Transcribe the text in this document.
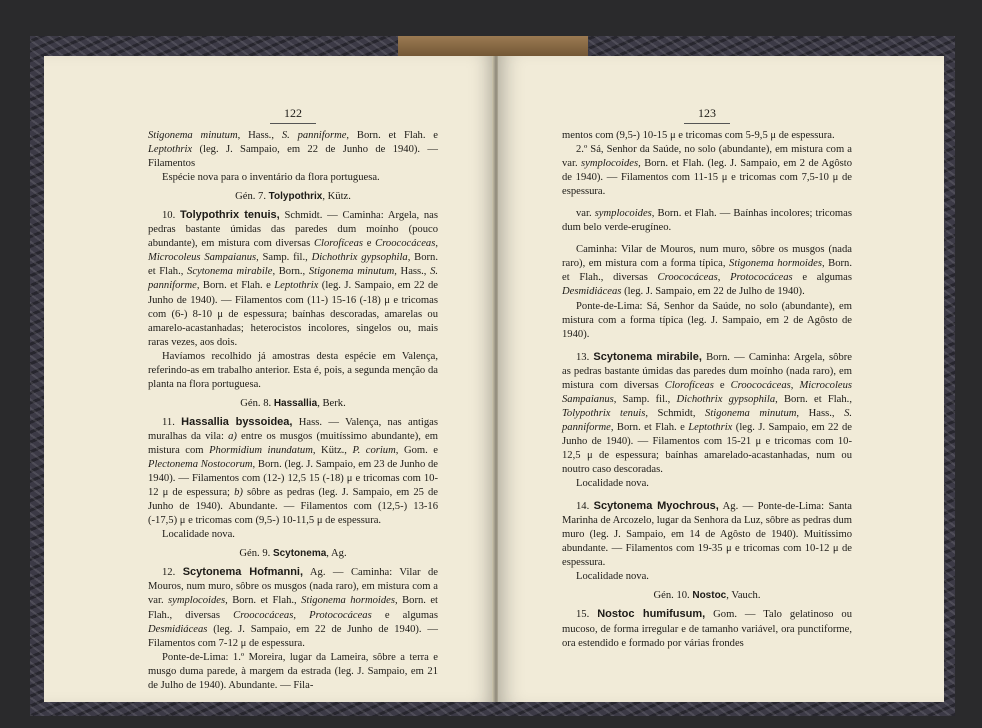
122

Stigonema minutum, Hass., S. panniforme, Born. et Flah. e Leptothrix (leg. J. Sampaio, em 22 de Junho de 1940). — Filamentos

Espécie nova para o inventário da flora portuguesa.

Gén. 7. Tolypothrix, Kütz.

10. Tolypothrix tenuis, Schmidt. — Caminha: Argela, nas pedras bastante úmidas das paredes dum moínho (pouco abundante), em mistura com diversas Clorofíceas e Croococáceas, Microcoleus Sampaianus, Samp. fil., Dichothrix gypsophila, Born. et Flah., Scytonema mirabile, Born., Stigonema minutum, Hass., S. panniforme, Born. et Flah. e Leptothrix (leg. J. Sampaio, em 22 de Junho de 1940). — Filamentos com (11-) 15-16 (-18) μ e tricomas com (6-) 8-10 μ de espessura; baínhas descoradas, amarelas ou amarelo-acastanhadas; heterocistos incolores, singelos ou, mais raras vezes, aos dois.

Havíamos recolhido já amostras desta espécie em Valença, referindo-as em trabalho anterior. Esta é, pois, a segunda menção da planta na flora portuguesa.

Gén. 8. Hassallia, Berk.

11. Hassallia byssoidea, Hass. — Valença, nas antigas muralhas da vila: a) entre os musgos (muitíssimo abundante), em mistura com Phormidium inundatum, Kütz., P. corium, Gom. e Plectonema Nostocorum, Born. (leg. J. Sampaio, em 23 de Junho de 1940). — Filamentos com (12-) 12,5 15 (-18) μ e tricomas com 10-12 μ de espessura; b) sôbre as pedras (leg. J. Sampaio, em 25 de Junho de 1940). Abundante. — Filamentos com (12,5-) 13-16 (-17,5) μ e tricomas com (9,5-) 10-11,5 μ de espessura.

Localidade nova.

Gén. 9. Scytonema, Ag.

12. Scytonema Hofmanni, Ag. — Caminha: Vilar de Mouros, num muro, sôbre os musgos (nada raro), em mistura com a var. symplocoides, Born. et Flah., Stigonema hormoides, Born. et Flah., diversas Croococáceas, Protococáceas e algumas Desmidiáceas (leg. J. Sampaio, em 22 de Junho de 1940). — Filamentos com 7-12 μ de espessura.

Ponte-de-Lima: 1.º Moreira, lugar da Lameira, sôbre a terra e musgo duma parede, à margem da estrada (leg. J. Sampaio, em 21 de Julho de 1940). Abundante. — Fila-

123

mentos com (9,5-) 10-15 μ e tricomas com 5-9,5 μ de espessura.

2.º Sá, Senhor da Saúde, no solo (abundante), em mistura com a var. symplocoides, Born. et Flah. (leg. J. Sampaio, em 2 de Agôsto de 1940). — Filamentos com 11-15 μ e tricomas com 7,5-10 μ de espessura.

var. symplocoides, Born. et Flah. — Baínhas incolores; tricomas dum belo verde-erugíneo.

Caminha: Vilar de Mouros, num muro, sôbre os musgos (nada raro), em mistura com a forma típica, Stigonema hormoides, Born. et Flah., diversas Croococáceas, Protococáceas e algumas Desmidiáceas (leg. J. Sampaio, em 22 de Julho de 1940).

Ponte-de-Lima: Sá, Senhor da Saúde, no solo (abundante), em mistura com a forma típica (leg. J. Sampaio, em 2 de Agôsto de 1940).

13. Scytonema mirabile, Born. — Caminha: Argela, sôbre as pedras bastante úmidas das paredes dum moínho (nada raro), em mistura com diversas Clorofíceas e Croococáceas, Microcoleus Sampaianus, Samp. fil., Dichothrix gypsophila, Born. et Flah., Tolypothrix tenuis, Schmidt, Stigonema minutum, Hass., S. panniforme, Born. et Flah. e Leptothrix (leg. J. Sampaio, em 22 de Junho de 1940). — Filamentos com 15-21 μ e tricomas com 10-12,5 μ de espessura; baínhas amarelado-acastanhadas, num ou noutro caso descoradas.

Localidade nova.

14. Scytonema Myochrous, Ag. — Ponte-de-Lima: Santa Marinha de Arcozelo, lugar da Senhora da Luz, sôbre as pedras dum muro (leg. J. Sampaio, em 14 de Agôsto de 1940). Muitíssimo abundante. — Filamentos com 19-35 μ e tricomas com 10-12 μ de espessura.

Localidade nova.

Gén. 10. Nostoc, Vauch.

15. Nostoc humifusum, Gom. — Talo gelatinoso ou mucoso, de forma irregular e de tamanho variável, ora punctiforme, ora estendido e formado por várias frondes
